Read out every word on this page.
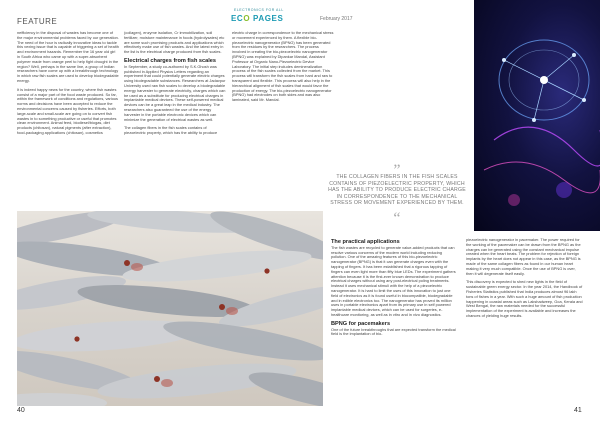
FEATURE
ELECTRONICS FOR ALL
ECO PAGES	February 2017

nefficiency in the disposal of wastes has become one of the major environmental problems faced by our generation. The need of the hour is radically innovative ideas to tackle this vexing issue that is capable of triggering a set of health and environment hazards. Remember the 16 year old girl in South Africa who came up with a super-absorbent polymer made from orange peel to help fight drought in the region? Well, perhaps in the same line, a group of Indian researchers have come up with a breakthrough technology in which raw fish scales are used to develop biodegradable energy.

It is indeed happy news for the country, where fish wastes consist of a major part of the food waste produced. So far, within the framework of conditions and regulations, various norms and decisions have been accepted to reduce the environmental concerns caused by fisheries. Efforts, both large-scale and small-scale are going on to convert fish wastes in to something productive or useful that promotes clean environment. Animal feed, biodiesel/biogas, diet products (chitosan), natural pigments (after extraction), food-packaging applications (chitosan), cosmetics

(collagen), enzyme isolation, Cr immobilization, soil fertilizer, moisture maintenance in foods (hydrolysates) etc are some such promising products and applications which effectively make use of fish wastes. And the latest entry in the list is the electrical charge produced from fish scales.

Electrical charges from fish scales

In September, a study co-authored by S.K.Ghosh was published in Applied Physics Letters regarding an experiment that could potentially generate electric charges using biodegradable substances. Researchers at Jadavpur University used raw fish scales to develop a biodegradable energy harvester to generate electricity, charges which can be used as a substitute for producing electrical charges in implantable medical devices. These self-powered medical devices can be a great leap in the medical industry. The researchers also guaranteed the use of the energy harvester in the portable electronic devices which can minimize the generation of electrical wastes as well.

The collagen fibers in the fish scales contains of piezoelectric property, which has the ability to produce

electric charge in correspondence to the mechanical stress or movement experienced by them. A flexible bio-piezoelectric nanogenerator (BPNG) has been generated from the residues by the researchers. The process involved in creating the bio-piezoelectric nanogenerator (BPNG) was explained by Dipankar Mandal, Assistant Professor at Organic Nano-Piezoelectric Device Laboratory. The initial step includes demineralization process of the fish scales collected from the market. This process will transform the fish scales from hard and raw to transparent and flexible. This process will also help in the hierarchical alignment of fish scales that would favor the production of energy. The bio-piezoelectric nanogenerator (BPNG) had electrodes on both sides and was also laminated, said Mr. Mandal.

”
THE COLLAGEN FIBERS IN THE FISH SCALES CONTAINS OF PIEZOELECTRIC PROPERTY, WHICH HAS THE ABILITY TO PRODUCE ELECTRIC CHARGE IN CORRESPONDENCE TO THE MECHANICAL STRESS OR MOVEMENT EXPERIENCED BY THEM.
“
The practical applications

The fish wastes are recycled to generate value-added products that can resolve various concerns of the modern world including reducing pollution. One of the amazing features of this bio-piezoelectric nanogenerator (BPNG) is that it can generate charges even with the tapping of fingers. It has been established that a rigorous tapping of fingers can even light more than fifty blue LEDs. The experiment gathers attention because it is the first-ever known demonstration to produce electrical charges without using any post-electrical poling treatments. Instead it uses mechanical stimuli with the help of a piezoelectric nanogenerator. It is hard to limit the uses of this innovation to just one field of electronics as it is found useful in biocompatible, biodegradable and in edible electronics too. The nanogenerator has proved its million uses in portable electronics apart from its primary use in self powered implantable medical devices, which can be used for surgeries, e-healthcare monitoring, as well as in vitro and in vivo diagnostics.

BPNG for pacemakers

One of the future breakthroughs that are expected transform the medical field is the implantation of bio-

piezoelectric nanogenerator in pacemaker. The power required for the working of the pacemaker can be drawn from the BPNG as the charges can be generated using the constant mechanical impulse created when the heart beats. The problem for rejection of foreign implants by the heart does not appear in this case, as the BPNG is made of the same collagen fibers as found in our human heart making it very much compatible. Once the use of BPNG is over, then it will degenerate itself easily.

This discovery is expected to shed new lights in the field of sustainable green energy sector. In the year 2014, the Handbook of Fisheries Statistics published that India produces almost 96 lakh tons of fishes in a year. With such a huge amount of fish production happening in coastal areas such as Lakshadweep, Goa, Kerala and West Bengal, the raw materials needed for the successful implementation of the experiment is available and increases the chances of yielding huge results.

40	41
